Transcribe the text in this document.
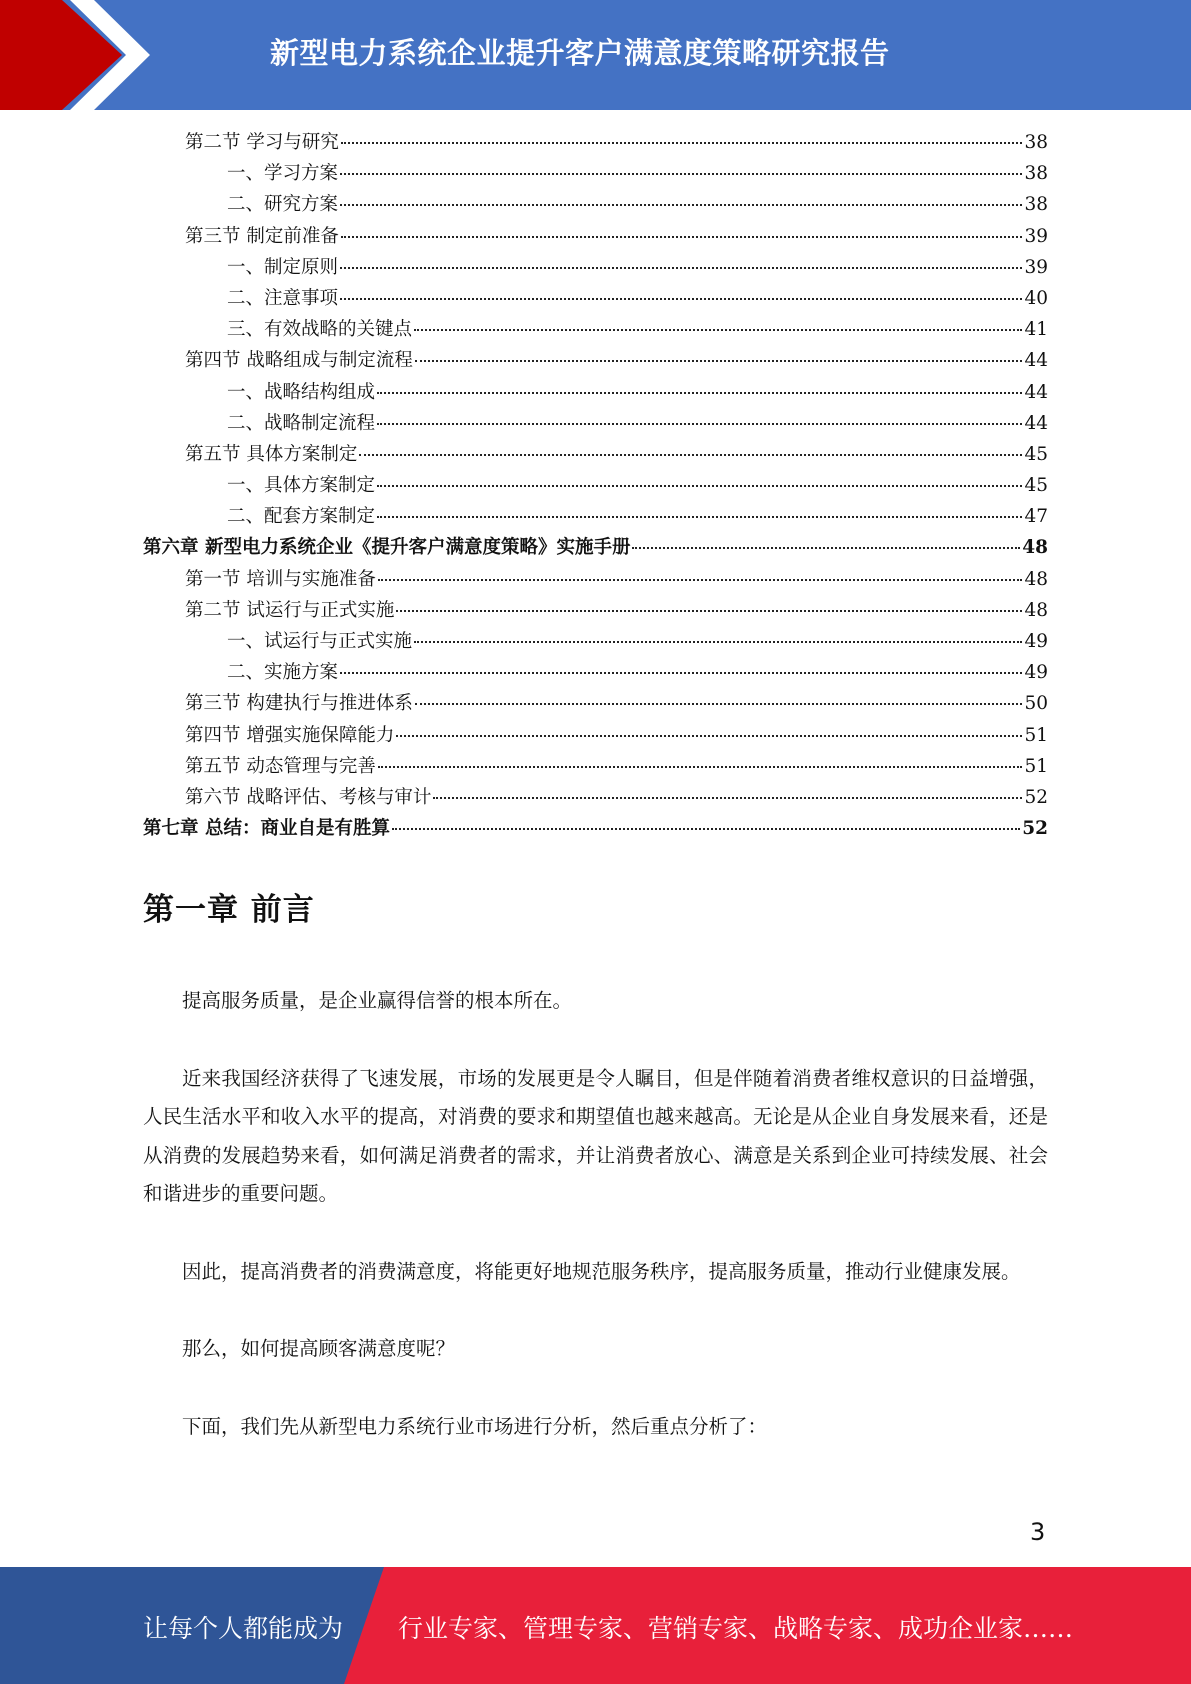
新型电力系统企业提升客户满意度策略研究报告
第二节 学习与研究	38
一、学习方案	38
二、研究方案	38
第三节 制定前准备	39
一、制定原则	39
二、注意事项	40
三、有效战略的关键点	41
第四节 战略组成与制定流程	44
一、战略结构组成	44
二、战略制定流程	44
第五节 具体方案制定	45
一、具体方案制定	45
二、配套方案制定	47
第六章 新型电力系统企业《提升客户满意度策略》实施手册	48
第一节 培训与实施准备	48
第二节 试运行与正式实施	48
一、试运行与正式实施	49
二、实施方案	49
第三节 构建执行与推进体系	50
第四节 增强实施保障能力	51
第五节 动态管理与完善	51
第六节 战略评估、考核与审计	52
第七章 总结：商业自是有胜算	52
第一章 前言

提高服务质量，是企业赢得信誉的根本所在。

近来我国经济获得了飞速发展，市场的发展更是令人瞩目，但是伴随着消费者维权意识的日益增强，人民生活水平和收入水平的提高，对消费的要求和期望值也越来越高。无论是从企业自身发展来看，还是从消费的发展趋势来看，如何满足消费者的需求，并让消费者放心、满意是关系到企业可持续发展、社会和谐进步的重要问题。

因此，提高消费者的消费满意度，将能更好地规范服务秩序，提高服务质量，推动行业健康发展。

那么，如何提高顾客满意度呢？

下面，我们先从新型电力系统行业市场进行分析，然后重点分析了：

3
让每个人都能成为 行业专家、管理专家、营销专家、战略专家、成功企业家……
